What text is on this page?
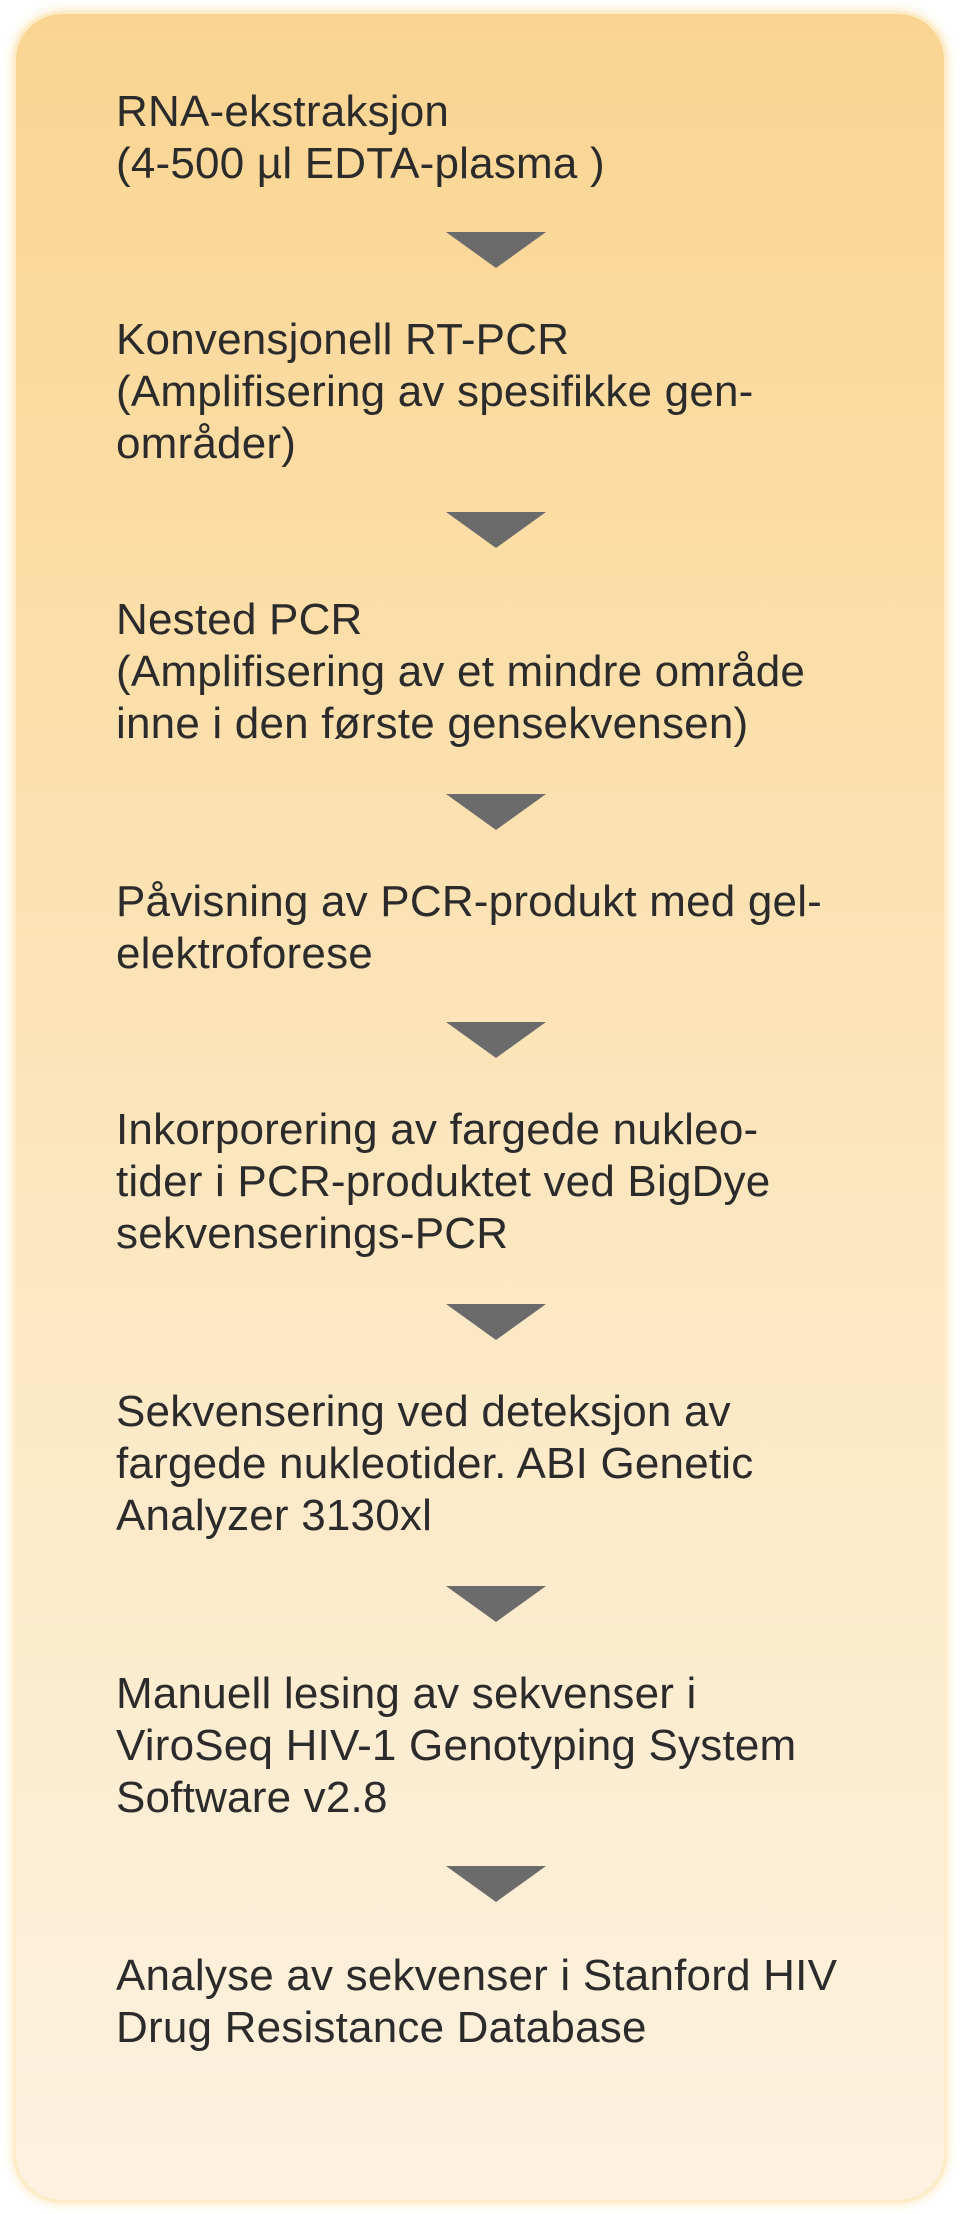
RNA-ekstraksjon
(4-500 µl EDTA-plasma )
Konvensjonell RT-PCR
(Amplifisering av spesifikke gen-
områder)
Nested PCR
(Amplifisering av et mindre område
inne i den første gensekvensen)
Påvisning av PCR-produkt med gel-
elektroforese
Inkorporering av fargede nukleo-
tider i PCR-produktet ved BigDye
sekvenserings-PCR
Sekvensering ved deteksjon av
fargede nukleotider. ABI Genetic
Analyzer 3130xl
Manuell lesing av sekvenser i
ViroSeq HIV-1 Genotyping System
Software v2.8
Analyse av sekvenser i Stanford HIV
Drug Resistance Database
